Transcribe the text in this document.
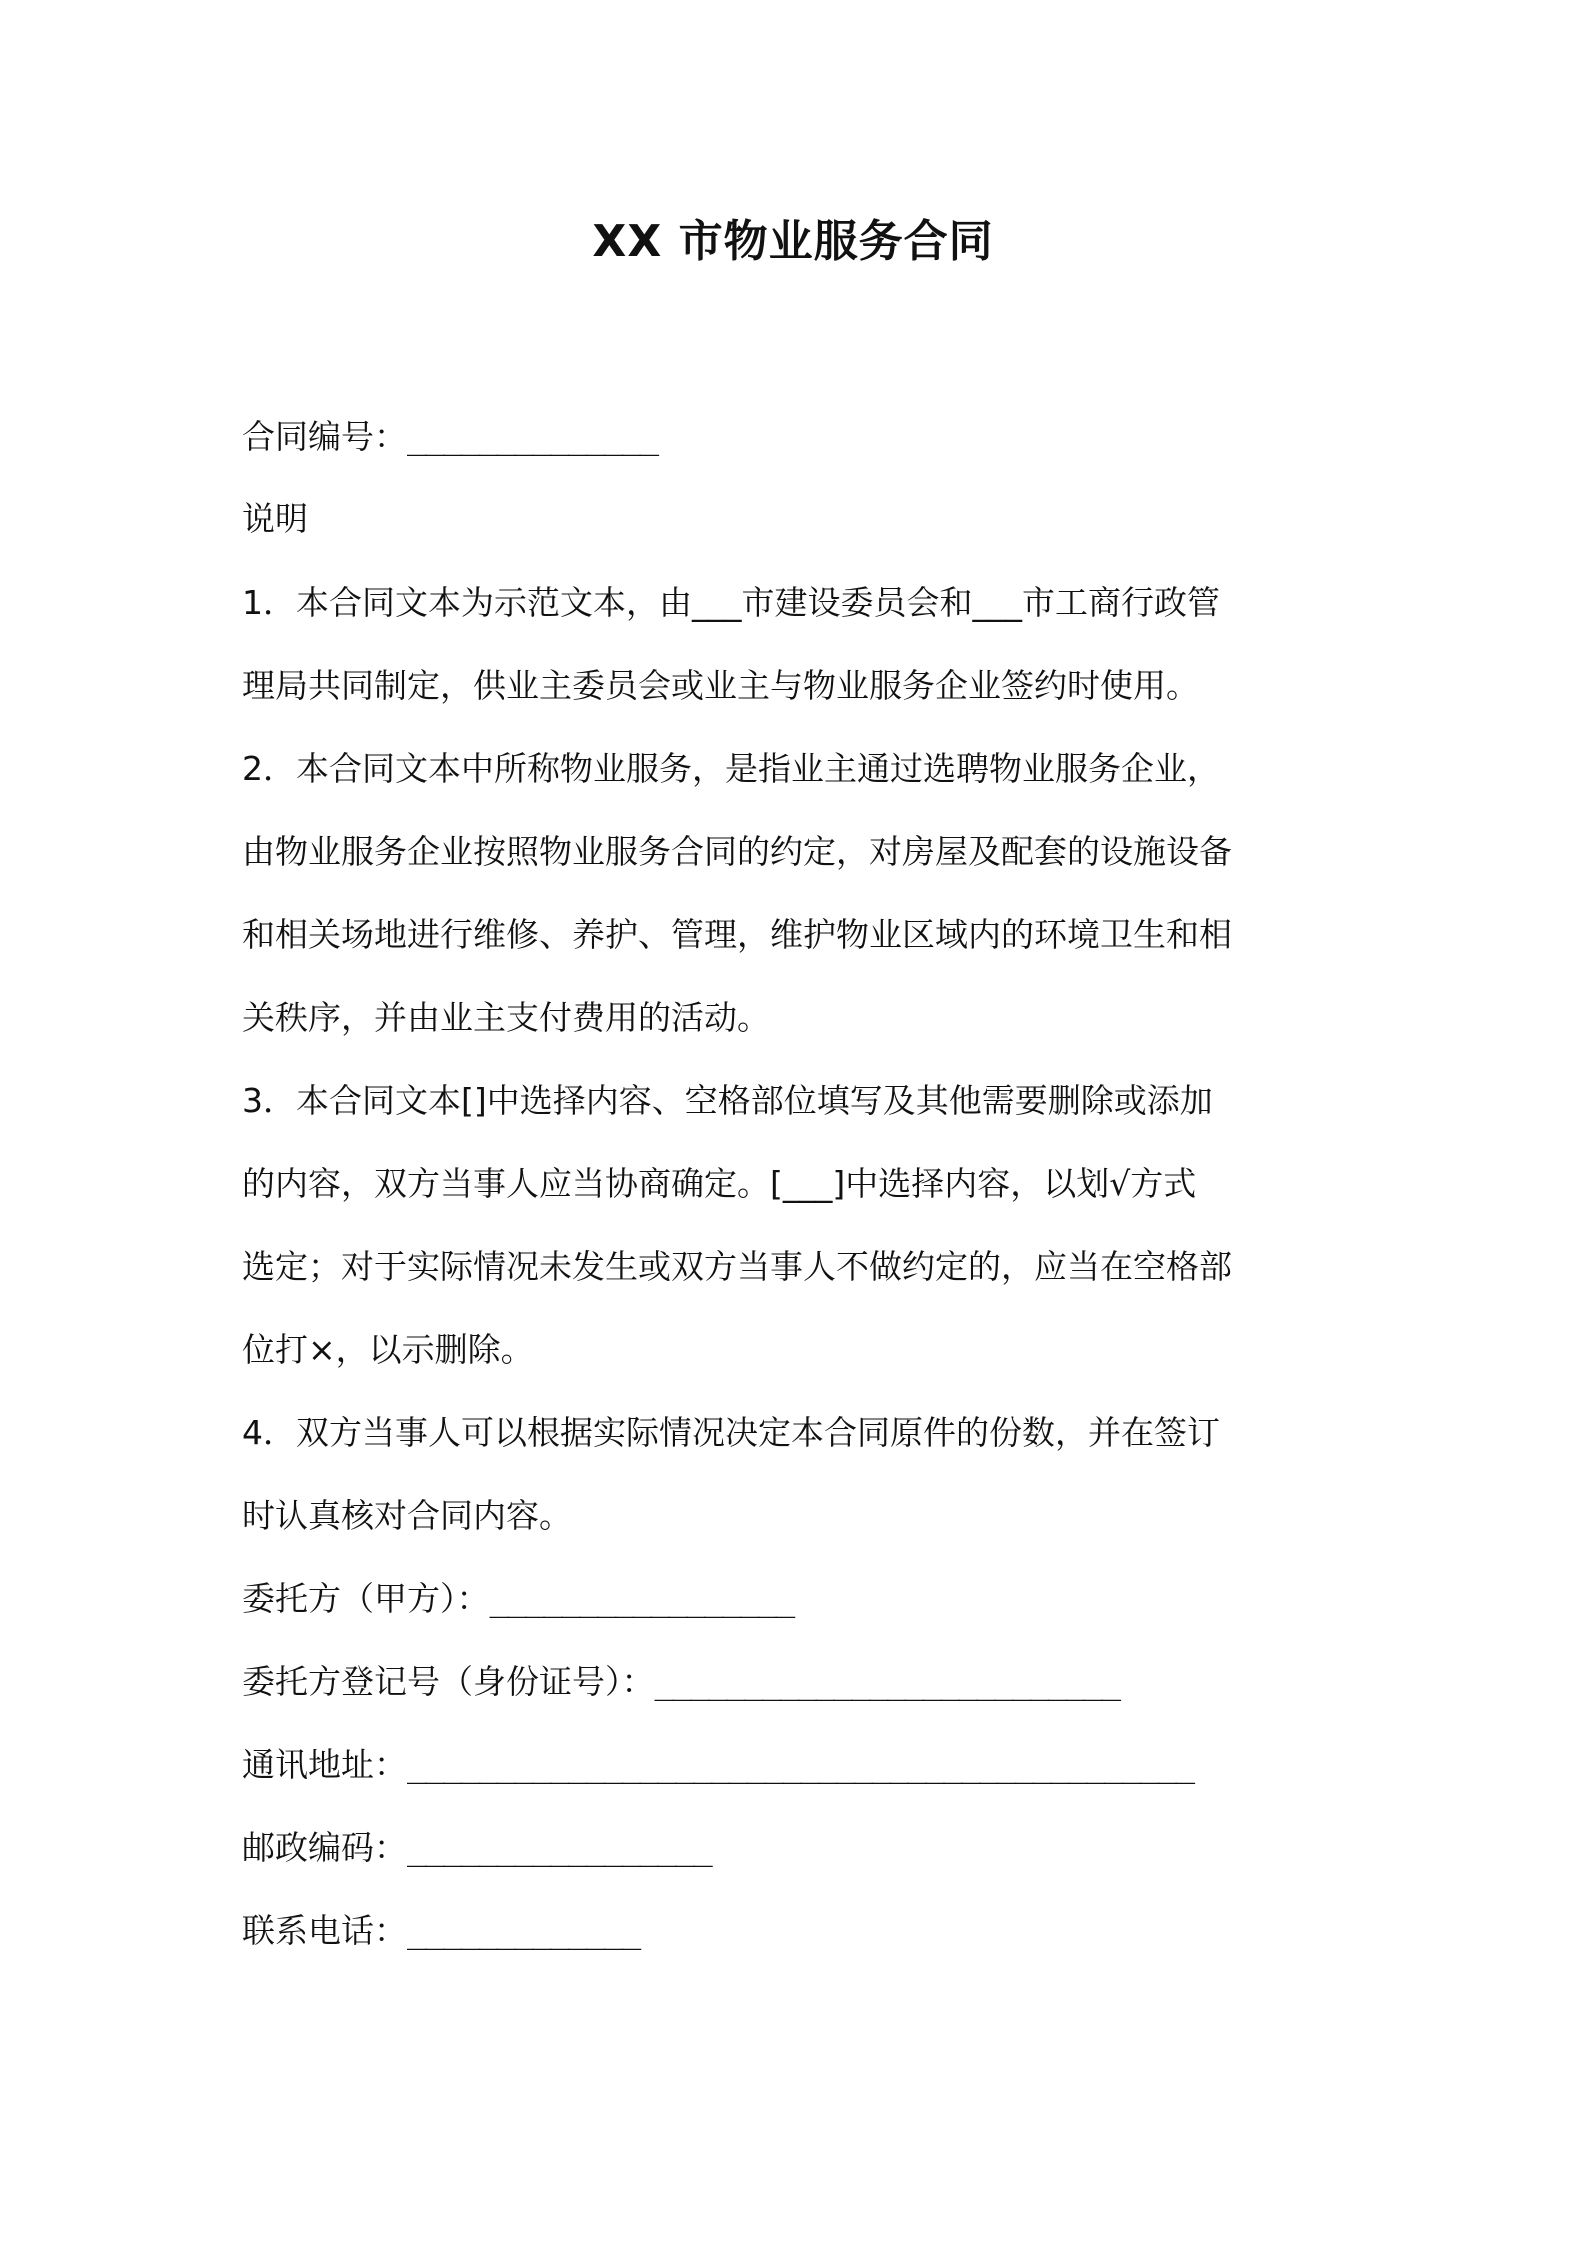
XX 市物业服务合同
合同编号：______________
说明
1．本合同文本为示范文本，由___市建设委员会和___市工商行政管
理局共同制定，供业主委员会或业主与物业服务企业签约时使用。
2．本合同文本中所称物业服务，是指业主通过选聘物业服务企业，
由物业服务企业按照物业服务合同的约定，对房屋及配套的设施设备
和相关场地进行维修、养护、管理，维护物业区域内的环境卫生和相
关秩序，并由业主支付费用的活动。
3．本合同文本[]中选择内容、空格部位填写及其他需要删除或添加
的内容，双方当事人应当协商确定。[___]中选择内容，以划√方式
选定；对于实际情况未发生或双方当事人不做约定的，应当在空格部
位打×，以示删除。
4．双方当事人可以根据实际情况决定本合同原件的份数，并在签订
时认真核对合同内容。
委托方（甲方）：_________________
委托方登记号（身份证号）：__________________________
通讯地址：____________________________________________
邮政编码：_________________
联系电话：_____________
